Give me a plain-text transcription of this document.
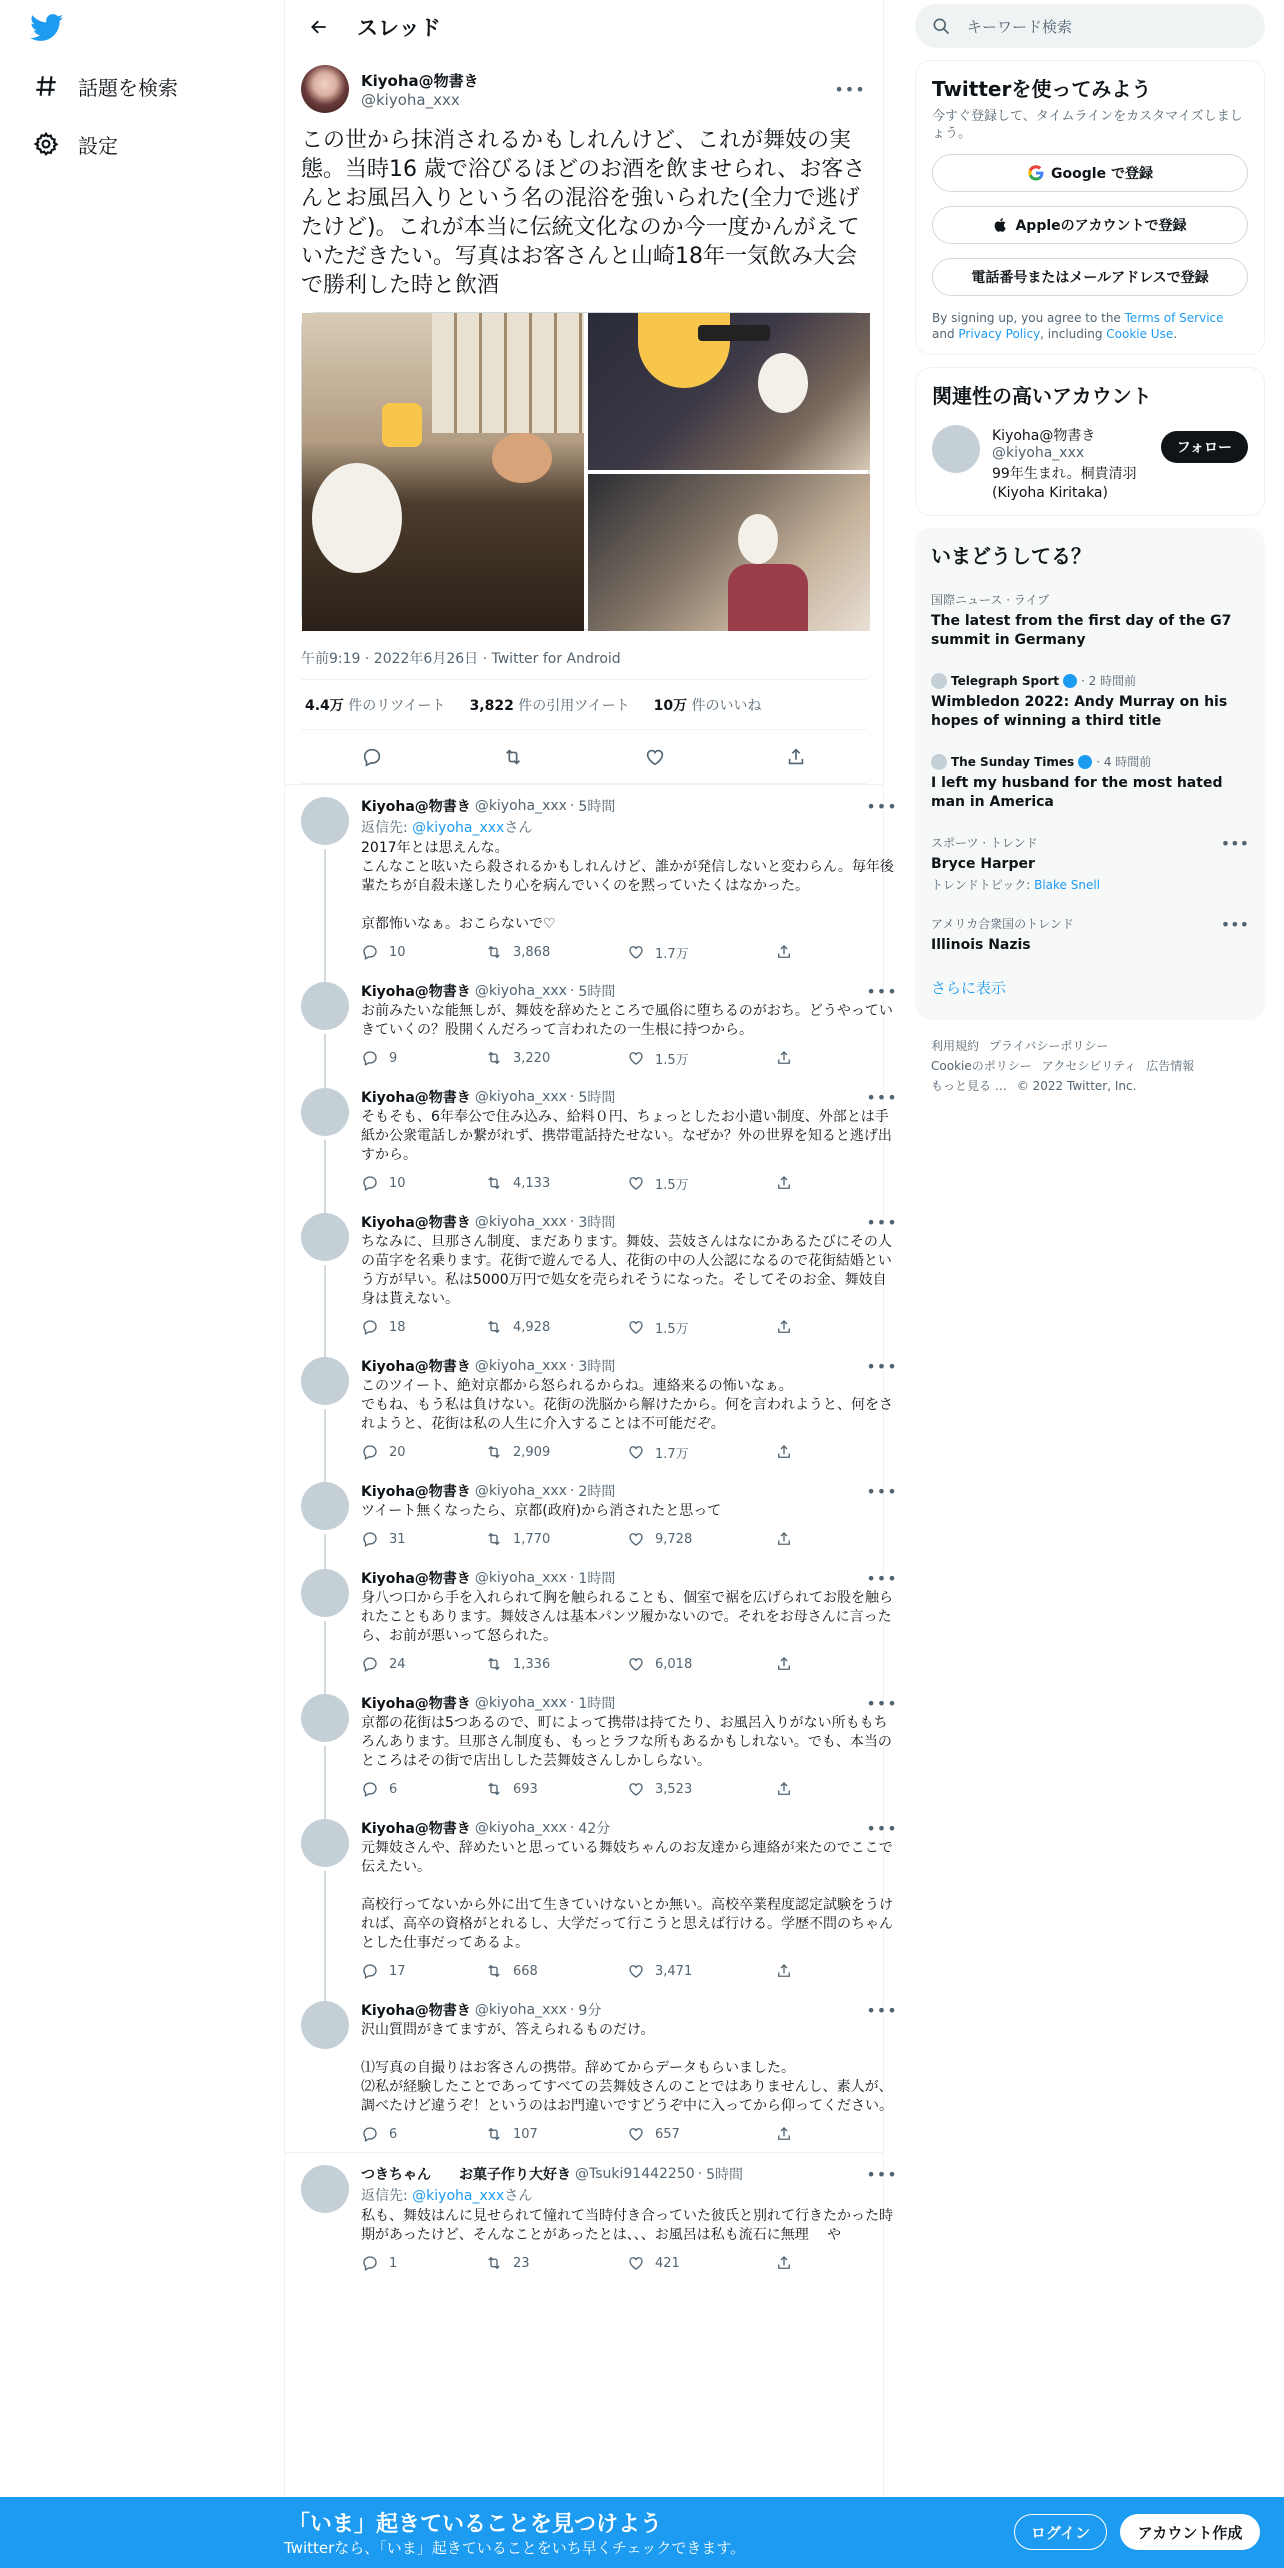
話題を検索
設定
スレッド
Kiyoha@物書き
@kiyoha_xxx
•••
この世から抹消されるかもしれんけど、これが舞妓の実態。当時16 歳で浴びるほどのお酒を飲ませられ、お客さんとお風呂入りという名の混浴を強いられた(全力で逃げたけど)。これが本当に伝統文化なのか今一度かんがえていただきたい。写真はお客さんと山崎18年一気飲み大会で勝利した時と飲酒
午前9:19 · 2022年6月26日 · Twitter for Android
4.4万 件のリツイート 3,822 件の引用ツイート 10万 件のいいね
Kiyoha@物書き @kiyoha_xxx · 5時間	•••
返信先: @kiyoha_xxxさん
2017年とは思えんな。
こんなこと呟いたら殺されるかもしれんけど、誰かが発信しないと変わらん。毎年後輩たちが自殺未遂したり心を病んでいくのを黙っていたくはなかった。

京都怖いなぁ。おこらないで♡
10	3,868	1.7万
Kiyoha@物書き @kiyoha_xxx · 5時間	•••
お前みたいな能無しが、舞妓を辞めたところで風俗に堕ちるのがおち。どうやっていきていくの？股開くんだろって言われたの一生根に持つから。
9	3,220	1.5万
Kiyoha@物書き @kiyoha_xxx · 5時間	•••
そもそも、6年奉公で住み込み、給料０円、ちょっとしたお小遣い制度、外部とは手紙か公衆電話しか繋がれず、携帯電話持たせない。なぜか？外の世界を知ると逃げ出すから。
10	4,133	1.5万
Kiyoha@物書き @kiyoha_xxx · 3時間	•••
ちなみに、旦那さん制度、まだあります。舞妓、芸妓さんはなにかあるたびにその人の苗字を名乗ります。花街で遊んでる人、花街の中の人公認になるので花街結婚という方が早い。私は5000万円で処女を売られそうになった。そしてそのお金、舞妓自身は貰えない。
18	4,928	1.5万
Kiyoha@物書き @kiyoha_xxx · 3時間	•••
このツイート、絶対京都から怒られるからね。連絡来るの怖いなぁ。
でもね、もう私は負けない。花街の洗脳から解けたから。何を言われようと、何をされようと、花街は私の人生に介入することは不可能だぞ。
20	2,909	1.7万
Kiyoha@物書き @kiyoha_xxx · 2時間	•••
ツイート無くなったら、京都(政府)から消されたと思って
31	1,770	9,728
Kiyoha@物書き @kiyoha_xxx · 1時間	•••
身八つ口から手を入れられて胸を触られることも、個室で裾を広げられてお股を触られたこともあります。舞妓さんは基本パンツ履かないので。それをお母さんに言ったら、お前が悪いって怒られた。
24	1,336	6,018
Kiyoha@物書き @kiyoha_xxx · 1時間	•••
京都の花街は5つあるので、町によって携帯は持てたり、お風呂入りがない所ももちろんあります。旦那さん制度も、もっとラフな所もあるかもしれない。でも、本当のところはその街で店出しした芸舞妓さんしかしらない。
6	693	3,523
Kiyoha@物書き @kiyoha_xxx · 42分	•••
元舞妓さんや、辞めたいと思っている舞妓ちゃんのお友達から連絡が来たのでここで伝えたい。

高校行ってないから外に出て生きていけないとか無い。高校卒業程度認定試験をうければ、高卒の資格がとれるし、大学だって行こうと思えば行ける。学歴不問のちゃんとした仕事だってあるよ。
17	668	3,471
Kiyoha@物書き @kiyoha_xxx · 9分	•••
沢山質問がきてますが、答えられるものだけ。

⑴写真の自撮りはお客さんの携帯。辞めてからデータもらいました。
⑵私が経験したことであってすべての芸舞妓さんのことではありませんし、素人が、調べたけど違うぞ！というのはお門違いですどうぞ中に入ってから仰ってください。
6	107	657
つきちゃん　　お菓子作り大好き @Tsuki91442250 · 5時間	•••
返信先: @kiyoha_xxxさん
私も、舞妓はんに見せられて憧れて当時付き合っていた彼氏と別れて行きたかった時期があったけど、そんなことがあったとは、、、お風呂は私も流石に無理　 や
1	23	421
キーワード検索
Twitterを使ってみよう
今すぐ登録して、タイムラインをカスタマイズしましょう。
Google で登録
Appleのアカウントで登録
電話番号またはメールアドレスで登録
By signing up, you agree to the Terms of Service and Privacy Policy, including Cookie Use.
関連性の高いアカウント
Kiyoha@物書き
@kiyoha_xxx
99年生まれ。桐貴清羽(Kiyoha Kiritaka)
フォロー
いまどうしてる？
国際ニュース · ライブ
The latest from the first day of the G7 summit in Germany
Telegraph Sport · 2 時間前
Wimbledon 2022: Andy Murray on his hopes of winning a third title
The Sunday Times · 4 時間前
I left my husband for the most hated man in America
スポーツ · トレンド	•••
Bryce Harper
トレンドトピック: Blake Snell
アメリカ合衆国のトレンド	•••
Illinois Nazis
さらに表示
利用規約 プライバシーポリシー
Cookieのポリシー アクセシビリティ 広告情報
もっと見る … © 2022 Twitter, Inc.
「いま」起きていることを見つけよう
Twitterなら、「いま」起きていることをいち早くチェックできます。
ログイン	アカウント作成
